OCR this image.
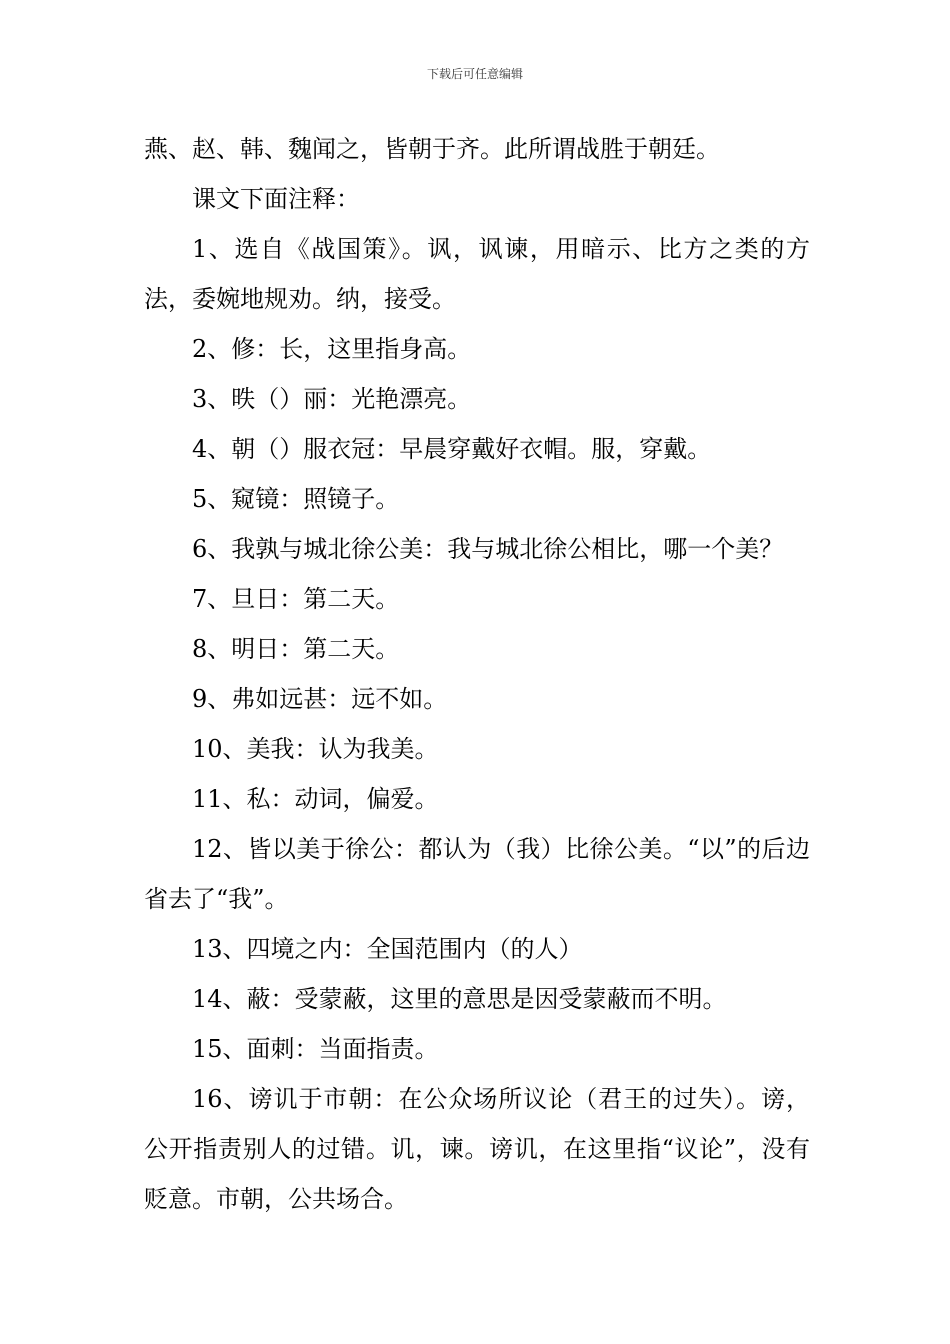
下载后可任意编辑

燕、赵、韩、魏闻之，皆朝于齐。此所谓战胜于朝廷。

课文下面注释：

1、选自《战国策》。讽，讽谏，用暗示、比方之类的方法，委婉地规劝。纳，接受。

2、修：长，这里指身高。

3、昳（）丽：光艳漂亮。

4、朝（）服衣冠：早晨穿戴好衣帽。服，穿戴。

5、窥镜：照镜子。

6、我孰与城北徐公美：我与城北徐公相比，哪一个美？

7、旦日：第二天。

8、明日：第二天。

9、弗如远甚：远不如。

10、美我：认为我美。

11、私：动词，偏爱。

12、皆以美于徐公：都认为（我）比徐公美。“以”的后边省去了“我”。

13、四境之内：全国范围内（的人）

14、蔽：受蒙蔽，这里的意思是因受蒙蔽而不明。

15、面刺：当面指责。

16、谤讥于市朝：在公众场所议论（君王的过失）。谤，公开指责别人的过错。讥，谏。谤讥，在这里指“议论”，没有贬意。市朝，公共场合。
